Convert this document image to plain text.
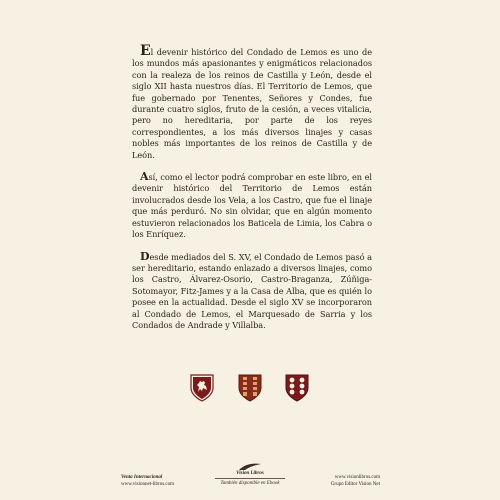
El devenir histórico del Condado de Lemos es uno de los mundos más apasionantes y enigmáticos relacionados con la realeza de los reinos de Castilla y León, desde el siglo XII hasta nuestros días. El Territorio de Lemos, que fue gobernado por Tenentes, Señores y Condes, fue durante cuatro siglos, fruto de la cesión, a veces vitalicia, pero no hereditaria, por parte de los reyes correspondientes, a los más diversos linajes y casas nobles más importantes de los reinos de Castilla y de León.

Así, como el lector podrá comprobar en este libro, en el devenir histórico del Territorio de Lemos están involucrados desde los Vela, a los Castro, que fue el linaje que más perduró. No sin olvidar, que en algún momento estuvieron relacionados los Baticela de Limia, los Cabra o los Enríquez.

Desde mediados del S. XV, el Condado de Lemos pasó a ser hereditario, estando enlazado a diversos linajes, como los Castro, Álvarez-Osorio, Castro-Braganza, Zúñiga-Sotomayor, Fitz-James y a la Casa de Alba, que es quién lo posee en la actualidad. Desde el siglo XV se incorporaron al Condado de Lemos, el Marquesado de Sarria y los Condados de Andrade y Villalba.

Venta Internacional
www.visionnet-libros.com
Vision Libros
También disponible en Ebook
www.visionlibros.com
Grupo Editor Vision Net
